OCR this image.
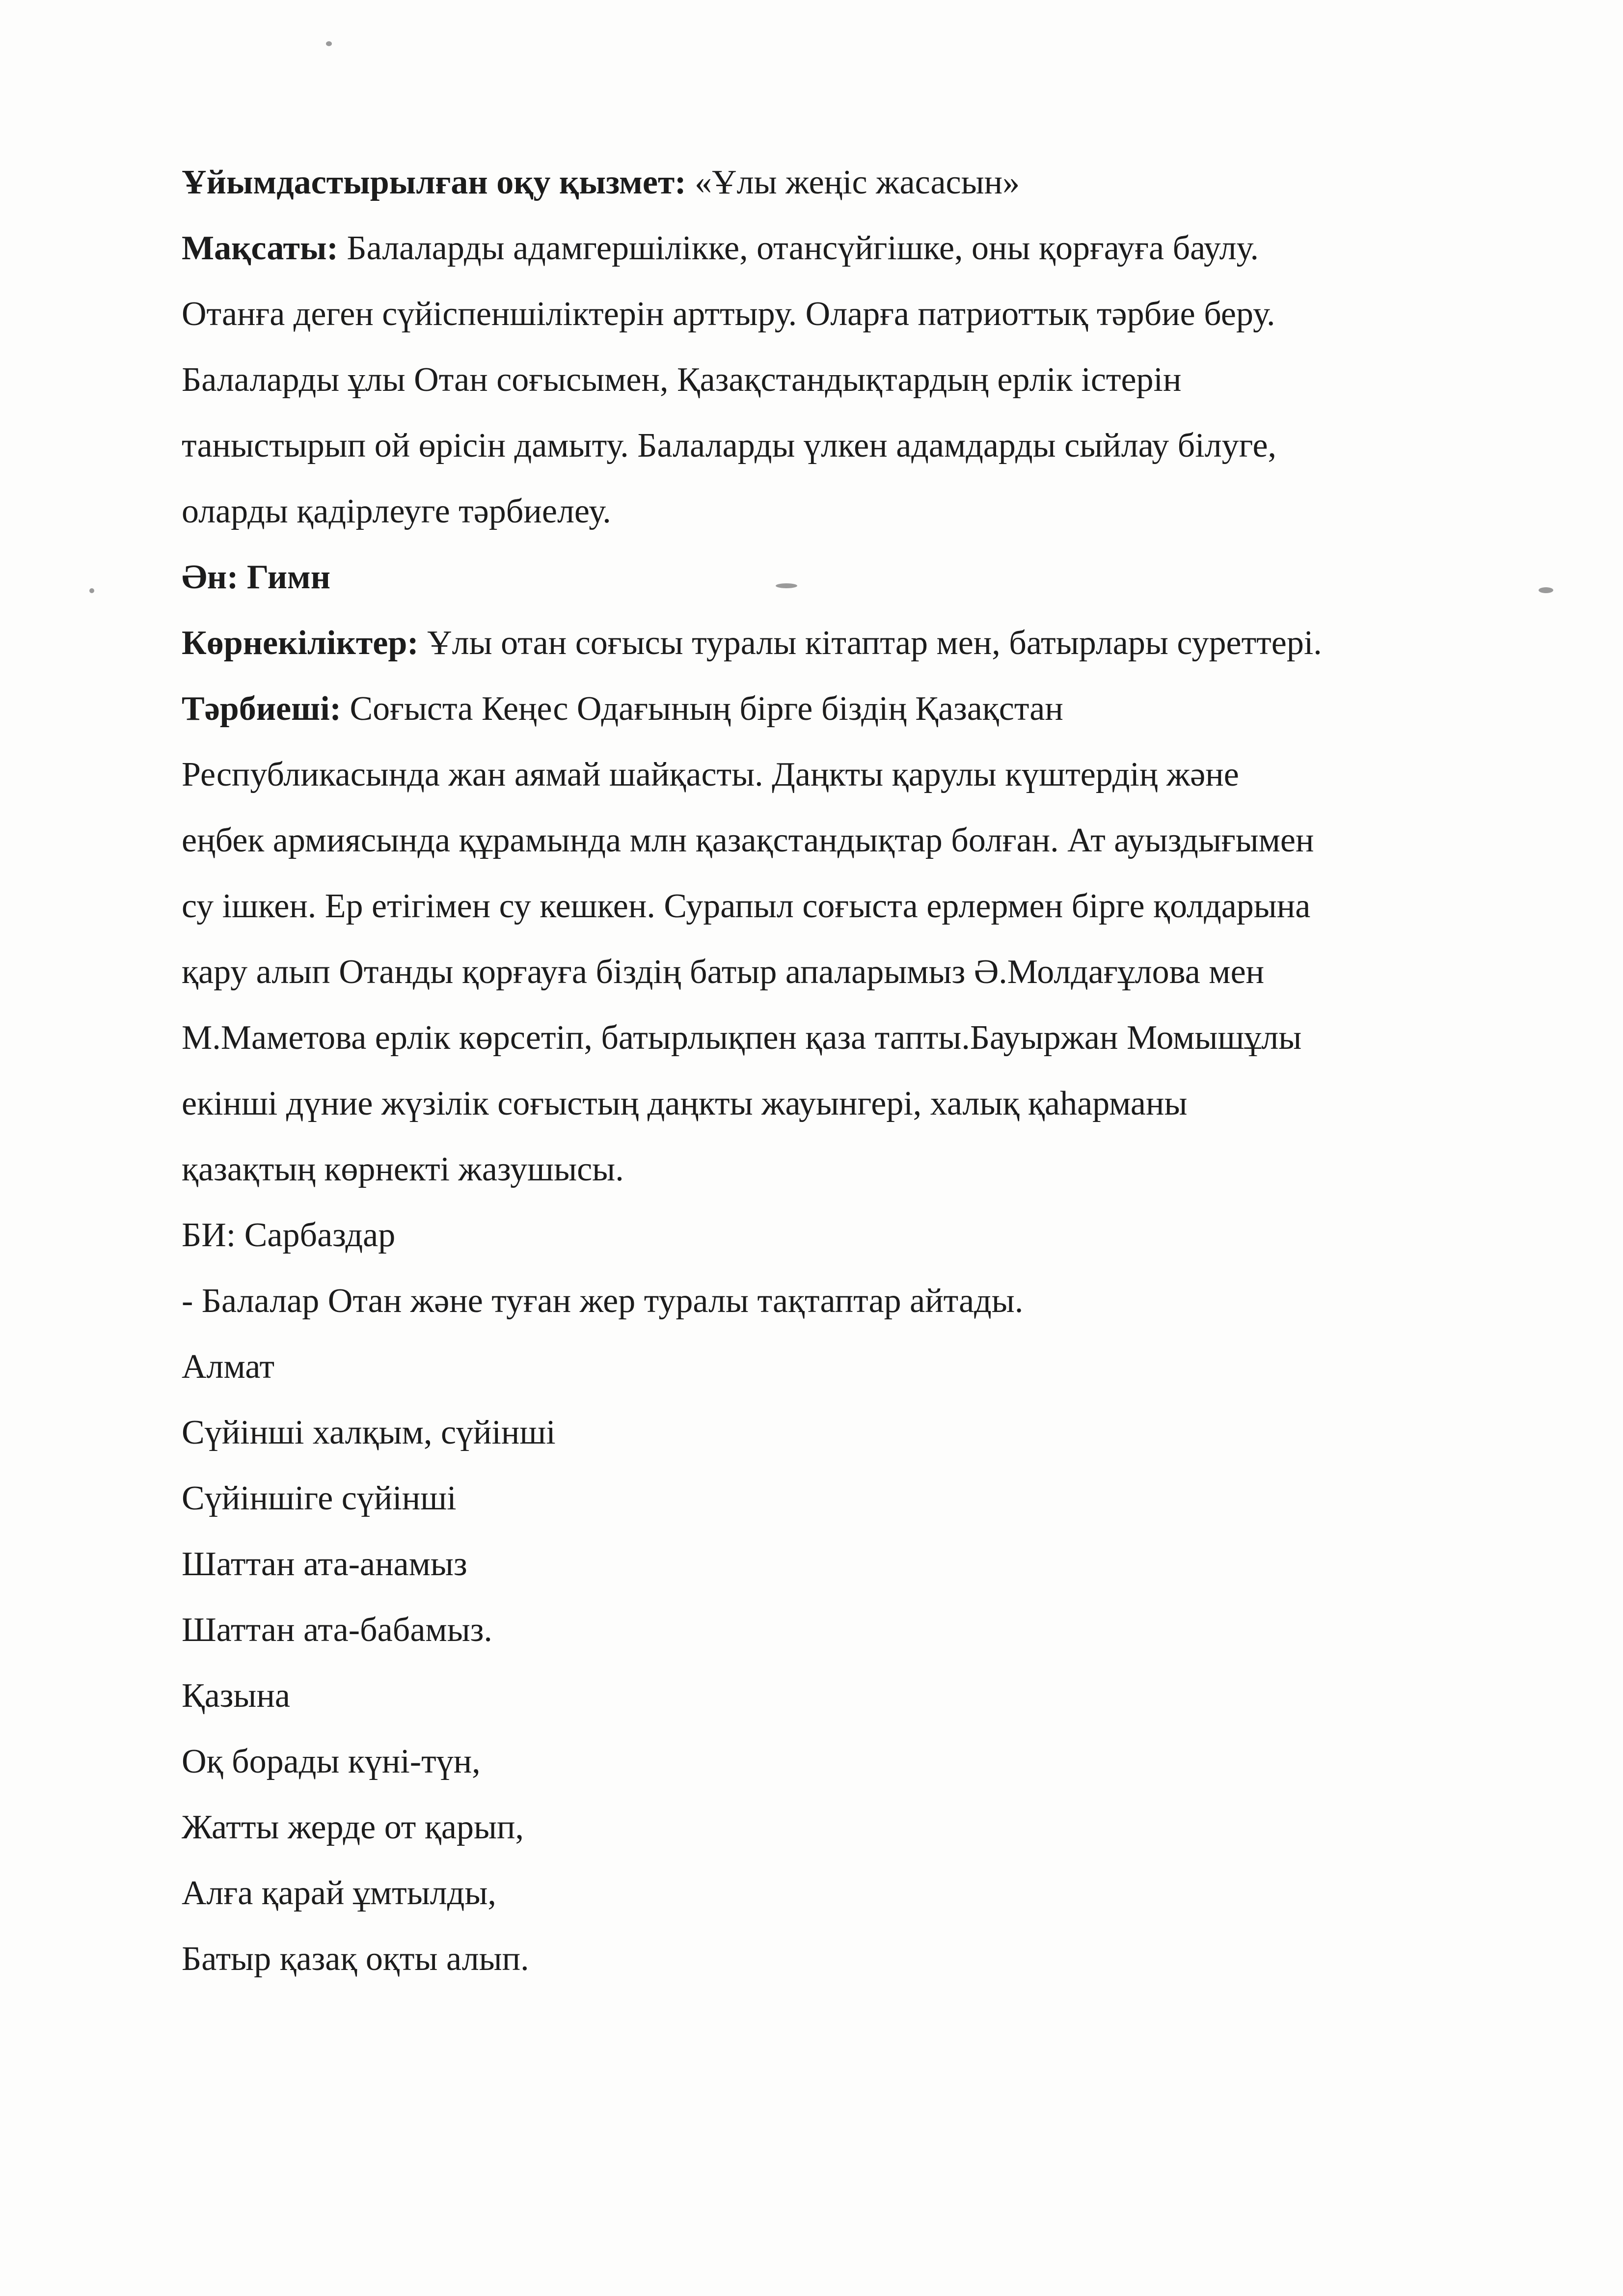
Ұйымдастырылған оқу қызмет: «Ұлы жеңіс жасасын»
Мақсаты: Балаларды адамгершілікке, отансүйгішке, оны қорғауға баулу.
Отанға деген сүйіспеншіліктерін арттыру. Оларға патриоттық тәрбие беру.
Балаларды ұлы Отан соғысымен, Қазақстандықтардың ерлік істерін
таныстырып ой өрісін дамыту. Балаларды үлкен адамдарды сыйлау білуге,
оларды қадірлеуге тәрбиелеу.
Əн: Гимн
Көрнекіліктер: Ұлы отан соғысы туралы кітаптар мен, батырлары суреттері.
Тәрбиеші: Соғыста Кеңес Одағының бірге біздің Қазақстан
Республикасында жан аямай шайқасты. Даңкты қарулы күштердің және
еңбек армиясында құрамында млн қазақстандықтар болған. Ат ауыздығымен
су ішкен. Ер етігімен су кешкен. Сурапыл соғыста ерлермен бірге қолдарына
қару алып Отанды қорғауға біздің батыр апаларымыз Ə.Молдағұлова мен
М.Маметова ерлік көрсетіп, батырлықпен қаза тапты.Бауыржан Момышұлы
екінші дүние жүзілік соғыстың даңкты жауынгері, халық қаһарманы
қазақтың көрнекті жазушысы.
БИ: Сарбаздар
- Балалар Отан және туған жер туралы тақтаптар айтады.
Алмат
Сүйінші халқым, сүйінші
Сүйіншіге сүйінші
Шаттан ата-анамыз
Шаттан ата-бабамыз.
Қазына
Оқ борады күні-түн,
Жатты жерде от қарып,
Алға қарай ұмтылды,
Батыр қазақ оқты алып.
